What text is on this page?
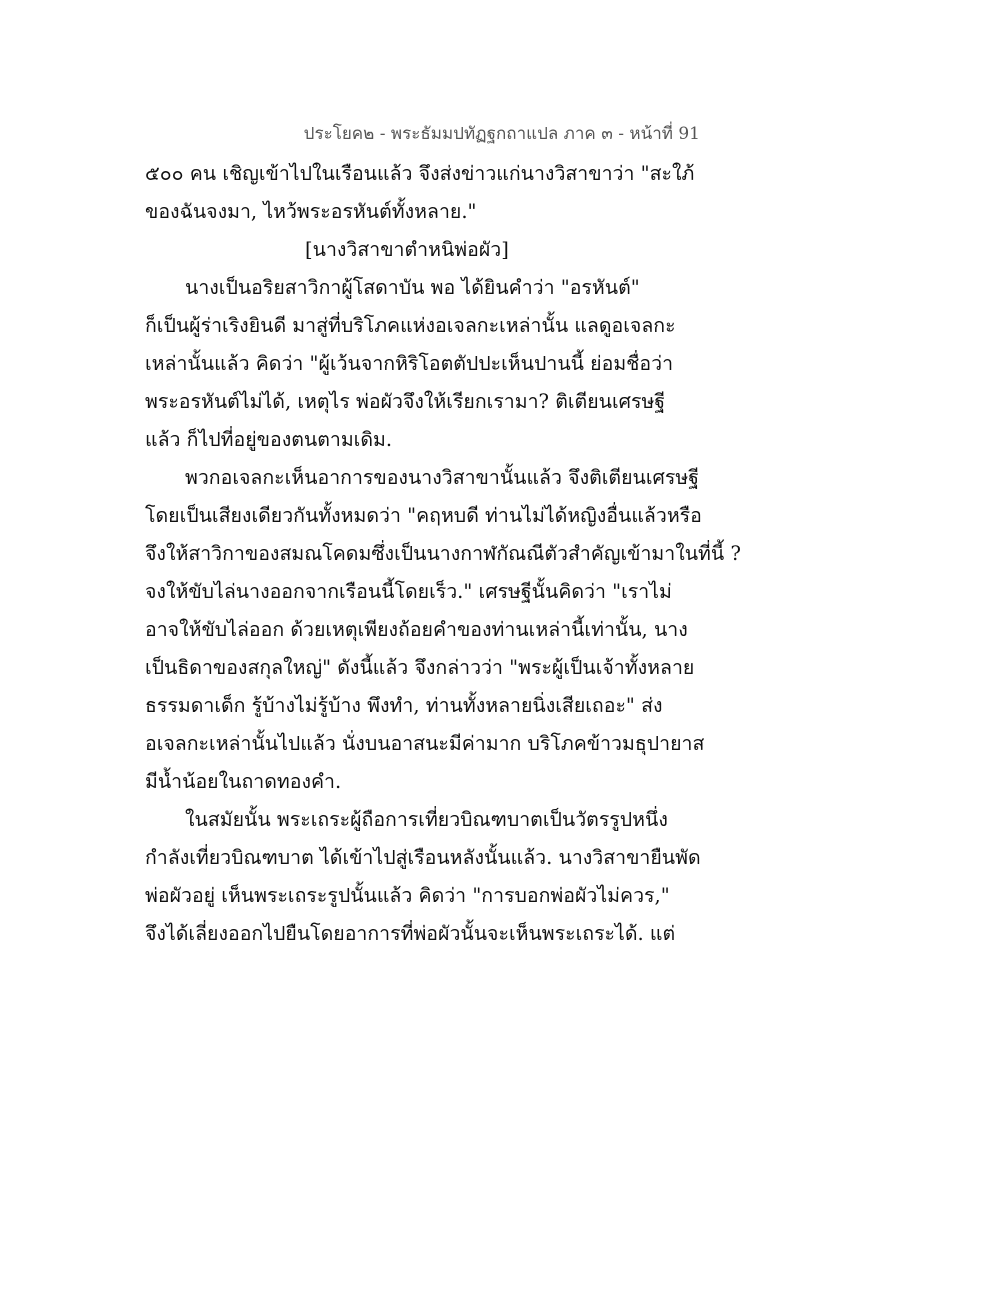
ประโยค๒ - พระธัมมปทัฏฐกถาแปล ภาค ๓ - หน้าที่ 91
๕๐๐ คน เชิญเข้าไปในเรือนแล้ว จึงส่งข่าวแก่นางวิสาขาว่า "สะใภ้
ของฉันจงมา, ไหว้พระอรหันต์ทั้งหลาย."
[นางวิสาขาตำหนิพ่อผัว]
นางเป็นอริยสาวิกาผู้โสดาบัน พอ ได้ยินคำว่า "อรหันต์"
ก็เป็นผู้ร่าเริงยินดี มาสู่ที่บริโภคแห่งอเจลกะเหล่านั้น แลดูอเจลกะ
เหล่านั้นแล้ว คิดว่า "ผู้เว้นจากหิริโอตตัปปะเห็นปานนี้ ย่อมชื่อว่า
พระอรหันต์ไม่ได้, เหตุไร พ่อผัวจึงให้เรียกเรามา? ติเตียนเศรษฐี
แล้ว ก็ไปที่อยู่ของตนตามเดิม.
พวกอเจลกะเห็นอาการของนางวิสาขานั้นแล้ว จึงติเตียนเศรษฐี
โดยเป็นเสียงเดียวกันทั้งหมดว่า "คฤหบดี ท่านไม่ได้หญิงอื่นแล้วหรือ
จึงให้สาวิกาของสมณโคดมซึ่งเป็นนางกาฬกัณณีตัวสำคัญเข้ามาในที่นี้ ?
จงให้ขับไล่นางออกจากเรือนนี้โดยเร็ว." เศรษฐีนั้นคิดว่า "เราไม่
อาจให้ขับไล่ออก ด้วยเหตุเพียงถ้อยคำของท่านเหล่านี้เท่านั้น, นาง
เป็นธิดาของสกุลใหญ่" ดังนี้แล้ว จึงกล่าวว่า "พระผู้เป็นเจ้าทั้งหลาย
ธรรมดาเด็ก รู้บ้างไม่รู้บ้าง พึงทำ, ท่านทั้งหลายนิ่งเสียเถอะ" ส่ง
อเจลกะเหล่านั้นไปแล้ว นั่งบนอาสนะมีค่ามาก บริโภคข้าวมธุปายาส
มีน้ำน้อยในถาดทองคำ.
ในสมัยนั้น พระเถระผู้ถือการเที่ยวบิณฑบาตเป็นวัตรรูปหนึ่ง
กำลังเที่ยวบิณฑบาต ได้เข้าไปสู่เรือนหลังนั้นแล้ว. นางวิสาขายืนพัด
พ่อผัวอยู่ เห็นพระเถระรูปนั้นแล้ว คิดว่า "การบอกพ่อผัวไม่ควร,"
จึงได้เลี่ยงออกไปยืนโดยอาการที่พ่อผัวนั้นจะเห็นพระเถระได้. แต่
